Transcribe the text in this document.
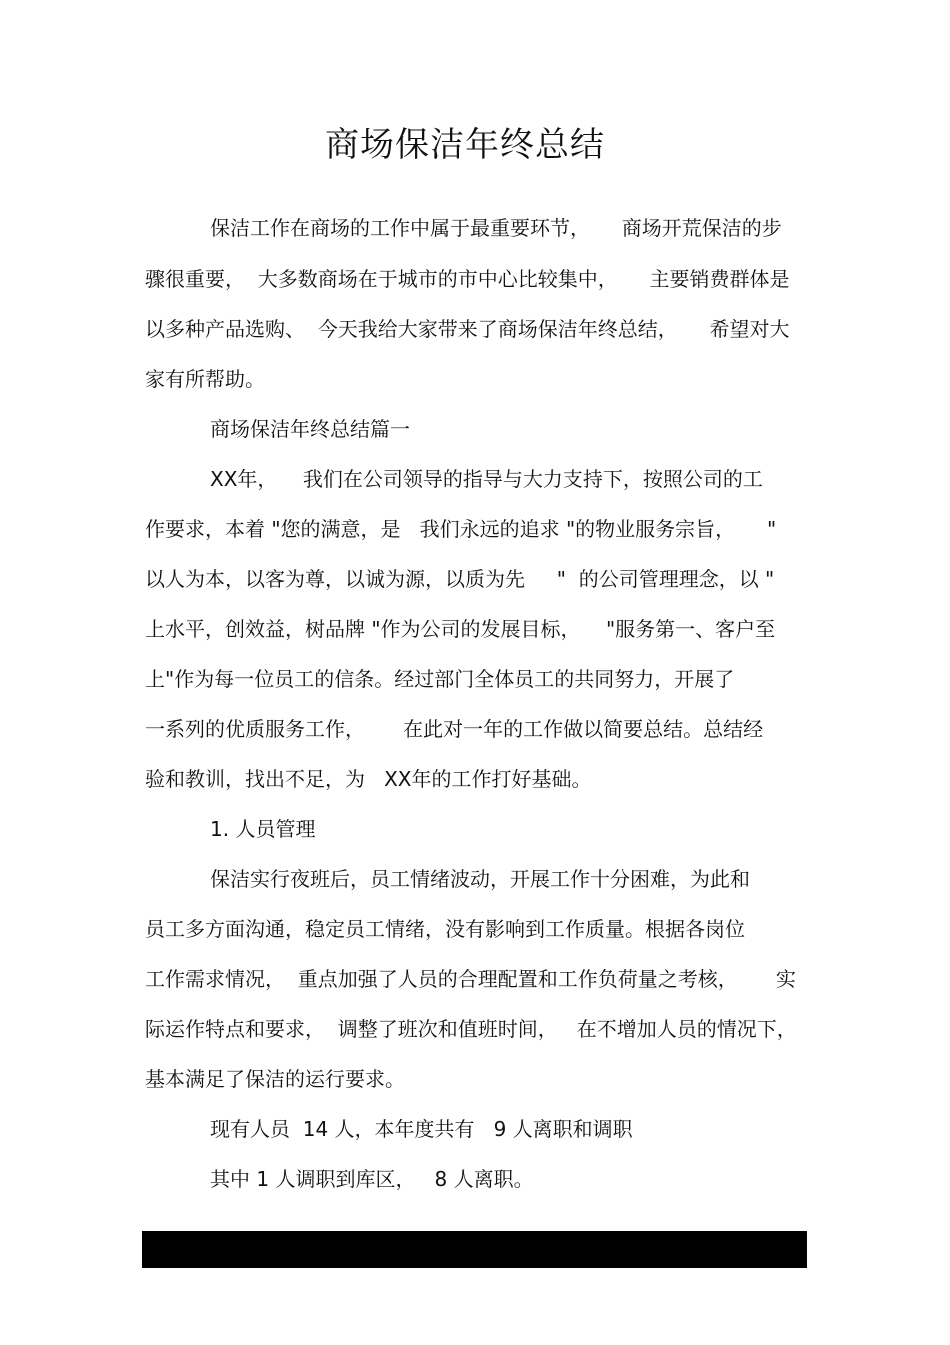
商场保洁年终总结

保洁工作在商场的工作中属于最重要环节，     商场开荒保洁的步

骤很重要，  大多数商场在于城市的市中心比较集中，     主要销费群体是

以多种产品选购、  今天我给大家带来了商场保洁年终总结，     希望对大

家有所帮助。

商场保洁年终总结篇一

XX年，    我们在公司领导的指导与大力支持下，按照公司的工

作要求，本着 "您的满意，是   我们永远的追求 "的物业服务宗旨，     "

以人为本，以客为尊，以诚为源，以质为先     "  的公司管理理念，以 "

上水平，创效益，树品牌 "作为公司的发展目标，    "服务第一、客户至

上"作为每一位员工的信条。经过部门全体员工的共同努力，开展了

一系列的优质服务工作，      在此对一年的工作做以简要总结。总结经

验和教训，找出不足，为   XX年的工作打好基础。

1. 人员管理

保洁实行夜班后，员工情绪波动，开展工作十分困难，为此和

员工多方面沟通，稳定员工情绪，没有影响到工作质量。根据各岗位

工作需求情况，  重点加强了人员的合理配置和工作负荷量之考核，      实

际运作特点和要求，  调整了班次和值班时间，   在不增加人员的情况下，

基本满足了保洁的运行要求。

现有人员  14 人，本年度共有   9 人离职和调职

其中 1 人调职到库区，   8 人离职。
